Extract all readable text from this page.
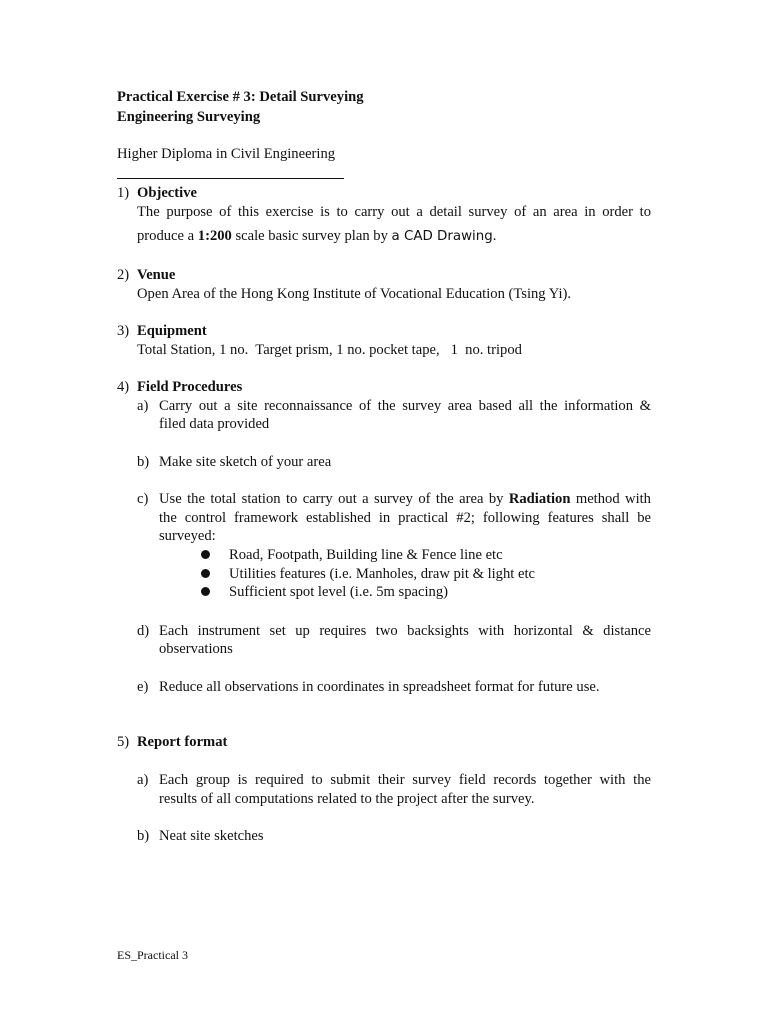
Practical Exercise # 3: Detail Surveying
Engineering Surveying
Higher Diploma in Civil Engineering
1) Objective
The purpose of this exercise is to carry out a detail survey of an area in order to
produce a 1:200 scale basic survey plan by a CAD Drawing.
2) Venue
Open Area of the Hong Kong Institute of Vocational Education (Tsing Yi).
3) Equipment
Total Station, 1 no.  Target prism, 1 no. pocket tape,   1  no. tripod
4) Field Procedures
a) Carry out a site reconnaissance of the survey area based all the information &
filed data provided
b) Make site sketch of your area
c) Use the total station to carry out a survey of the area by Radiation method with
the control framework established in practical #2; following features shall be
surveyed:
Road, Footpath, Building line & Fence line etc
Utilities features (i.e. Manholes, draw pit & light etc
Sufficient spot level (i.e. 5m spacing)
d) Each instrument set up requires two backsights with horizontal & distance
observations
e) Reduce all observations in coordinates in spreadsheet format for future use.
5) Report format
a) Each group is required to submit their survey field records together with the
results of all computations related to the project after the survey.
b) Neat site sketches
ES_Practical 3
